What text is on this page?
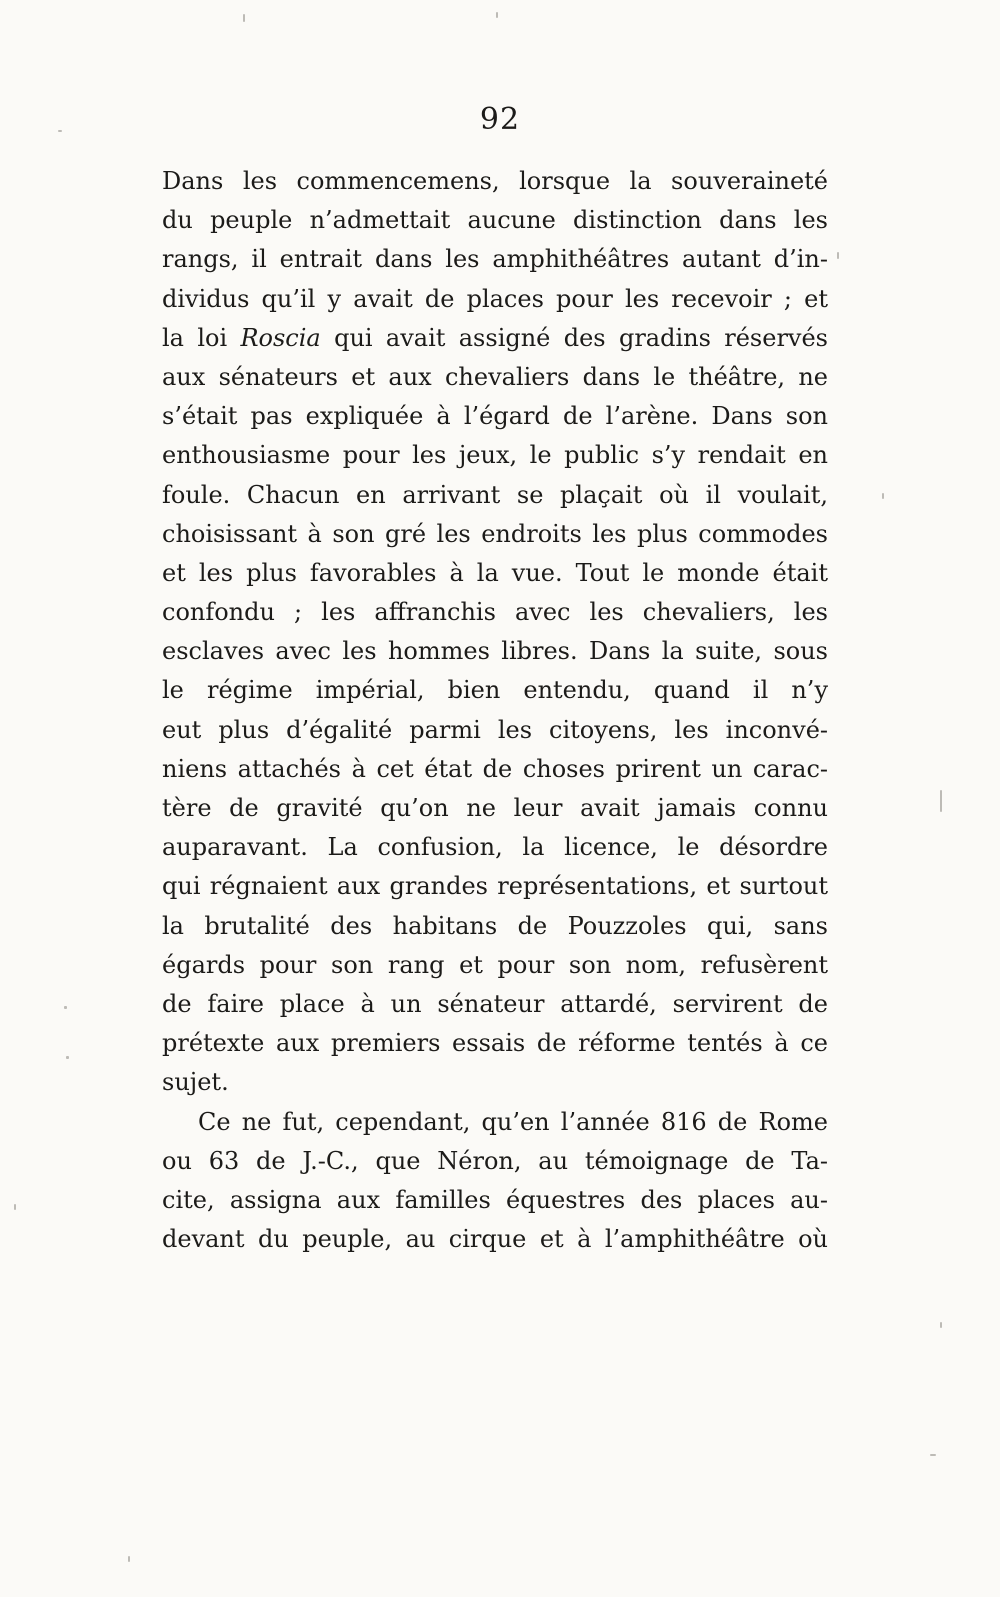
92
Dans les commencemens, lorsque la souveraineté
du peuple n’admettait aucune distinction dans les
rangs, il entrait dans les amphithéâtres autant d’in-
dividus qu’il y avait de places pour les recevoir ; et
la loi Roscia qui avait assigné des gradins réservés
aux sénateurs et aux chevaliers dans le théâtre, ne
s’était pas expliquée à l’égard de l’arène. Dans son
enthousiasme pour les jeux, le public s’y rendait en
foule. Chacun en arrivant se plaçait où il voulait,
choisissant à son gré les endroits les plus commodes
et les plus favorables à la vue. Tout le monde était
confondu ; les affranchis avec les chevaliers, les
esclaves avec les hommes libres. Dans la suite, sous
le régime impérial, bien entendu, quand il n’y
eut plus d’égalité parmi les citoyens, les inconvé-
niens attachés à cet état de choses prirent un carac-
tère de gravité qu’on ne leur avait jamais connu
auparavant. La confusion, la licence, le désordre
qui régnaient aux grandes représentations, et surtout
la brutalité des habitans de Pouzzoles qui, sans
égards pour son rang et pour son nom, refusèrent
de faire place à un sénateur attardé, servirent de
prétexte aux premiers essais de réforme tentés à ce
sujet.
Ce ne fut, cependant, qu’en l’année 816 de Rome
ou 63 de J.-C., que Néron, au témoignage de Ta-
cite, assigna aux familles équestres des places au-
devant du peuple, au cirque et à l’amphithéâtre où
